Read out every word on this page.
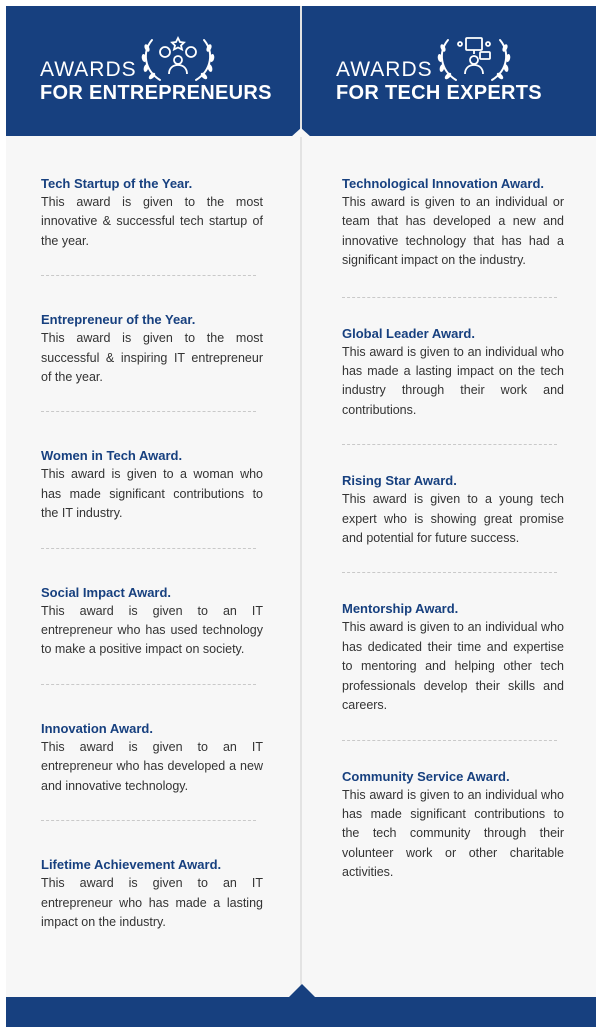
AWARDS
FOR ENTREPRENEURS
AWARDS
FOR TECH EXPERTS
Tech Startup of the Year.

This award is given to the most innovative & successful tech startup of the year.

Entrepreneur of the Year.

This award is given to the most successful & inspiring IT entrepreneur of the year.

Women in Tech Award.

This award is given to a woman who has made significant contributions to the IT industry.

Social Impact Award.

This award is given to an IT entrepreneur who has used technology to make a positive impact on society.

Innovation Award.

This award is given to an IT entrepreneur who has developed a new and innovative technology.

Lifetime Achievement Award.

This award is given to an IT entrepreneur who has made a lasting impact on the industry.

Technological Innovation Award.

This award is given to an individual or team that has developed a new and innovative technology that has had a significant impact on the industry.

Global Leader Award.

This award is given to an individual who has made a lasting impact on the tech industry through their work and contributions.

Rising Star Award.

This award is given to a young tech expert who is showing great promise and potential for future success.

Mentorship Award.

This award is given to an individual who has dedicated their time and expertise to mentoring and helping other tech professionals develop their skills and careers.

Community Service Award.

This award is given to an individual who has made significant contributions to the tech community through their volunteer work or other charitable activities.
